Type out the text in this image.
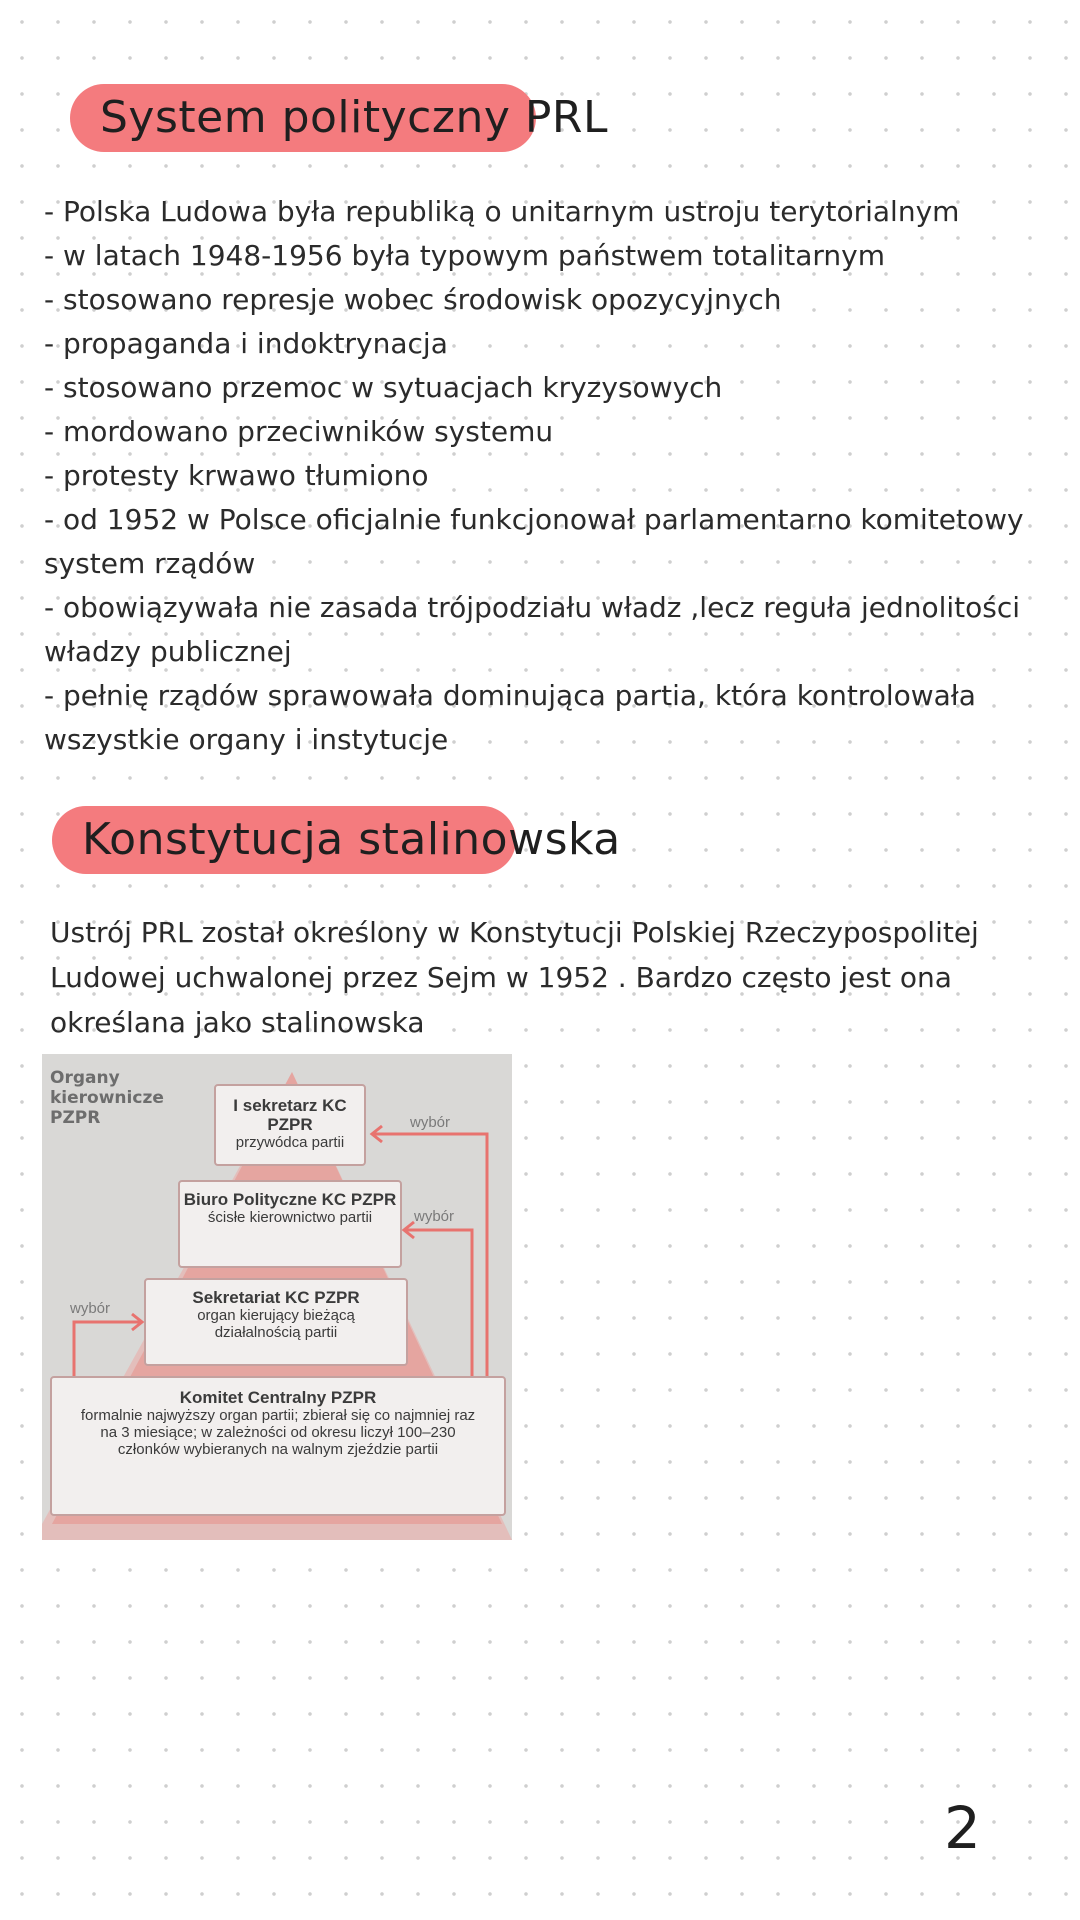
System polityczny PRL
- Polska Ludowa była republiką o unitarnym ustroju terytorialnym
- w latach 1948-1956 była typowym państwem totalitarnym
- stosowano represje wobec środowisk opozycyjnych
- propaganda i indoktrynacja
- stosowano przemoc w sytuacjach kryzysowych
- mordowano przeciwników systemu
- protesty krwawo tłumiono
- od 1952 w Polsce oficjalnie funkcjonował parlamentarno komitetowy system rządów
- obowiązywała nie zasada trójpodziału władz ,lecz reguła jednolitości władzy publicznej
- pełnię rządów sprawowała dominująca partia, która kontrolowała wszystkie organy i instytucje
Konstytucja stalinowska

Ustrój PRL został określony w Konstytucji Polskiej Rzeczypospolitej Ludowej uchwalonej przez Sejm w 1952 . Bardzo często jest ona określana jako stalinowska

Organy kierownicze PZPR	wybór
wybór
wybór
I sekretarz KC PZPR
przywódca partii
Biuro Polityczne KC PZPR
ścisłe kierownictwo partii
Sekretariat KC PZPR
organ kierujący bieżącą działalnością partii
Komitet Centralny PZPR
formalnie najwyższy organ partii; zbierał się co najmniej raz na 3 miesiące; w zależności od okresu liczył 100–230 członków wybieranych na walnym zjeździe partii
2
